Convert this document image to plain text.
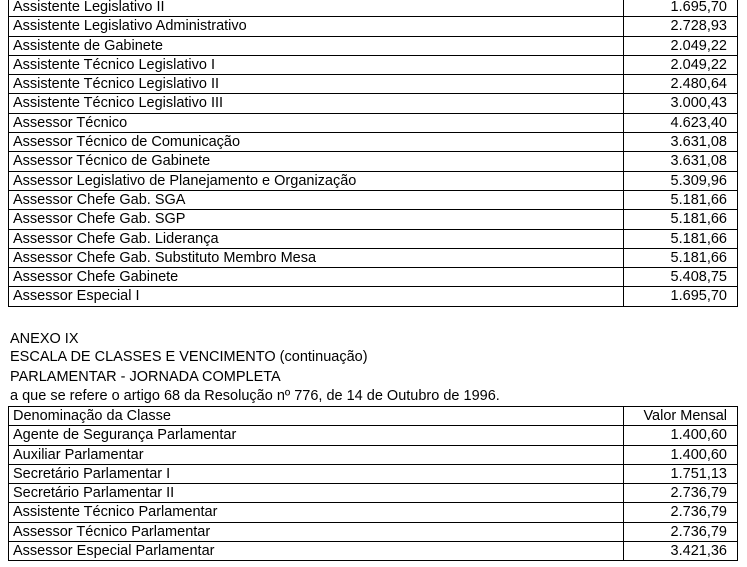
Assistente Legislativo II	1.695,70
Assistente Legislativo Administrativo	2.728,93
Assistente de Gabinete	2.049,22
Assistente Técnico Legislativo I	2.049,22
Assistente Técnico Legislativo II	2.480,64
Assistente Técnico Legislativo III	3.000,43
Assessor Técnico	4.623,40
Assessor Técnico de Comunicação	3.631,08
Assessor Técnico de Gabinete	3.631,08
Assessor Legislativo de Planejamento e Organização	5.309,96
Assessor Chefe Gab. SGA	5.181,66
Assessor Chefe Gab. SGP	5.181,66
Assessor Chefe Gab. Liderança	5.181,66
Assessor Chefe Gab. Substituto Membro Mesa	5.181,66
Assessor Chefe Gabinete	5.408,75
Assessor Especial I	1.695,70
ANEXO IX
ESCALA DE CLASSES E VENCIMENTO (continuação)
PARLAMENTAR - JORNADA COMPLETA
a que se refere o artigo 68 da Resolução nº 776, de 14 de Outubro de 1996.
Denominação da Classe	Valor Mensal
Agente de Segurança Parlamentar	1.400,60
Auxiliar Parlamentar	1.400,60
Secretário Parlamentar I	1.751,13
Secretário Parlamentar II	2.736,79
Assistente Técnico Parlamentar	2.736,79
Assessor Técnico Parlamentar	2.736,79
Assessor Especial Parlamentar	3.421,36
